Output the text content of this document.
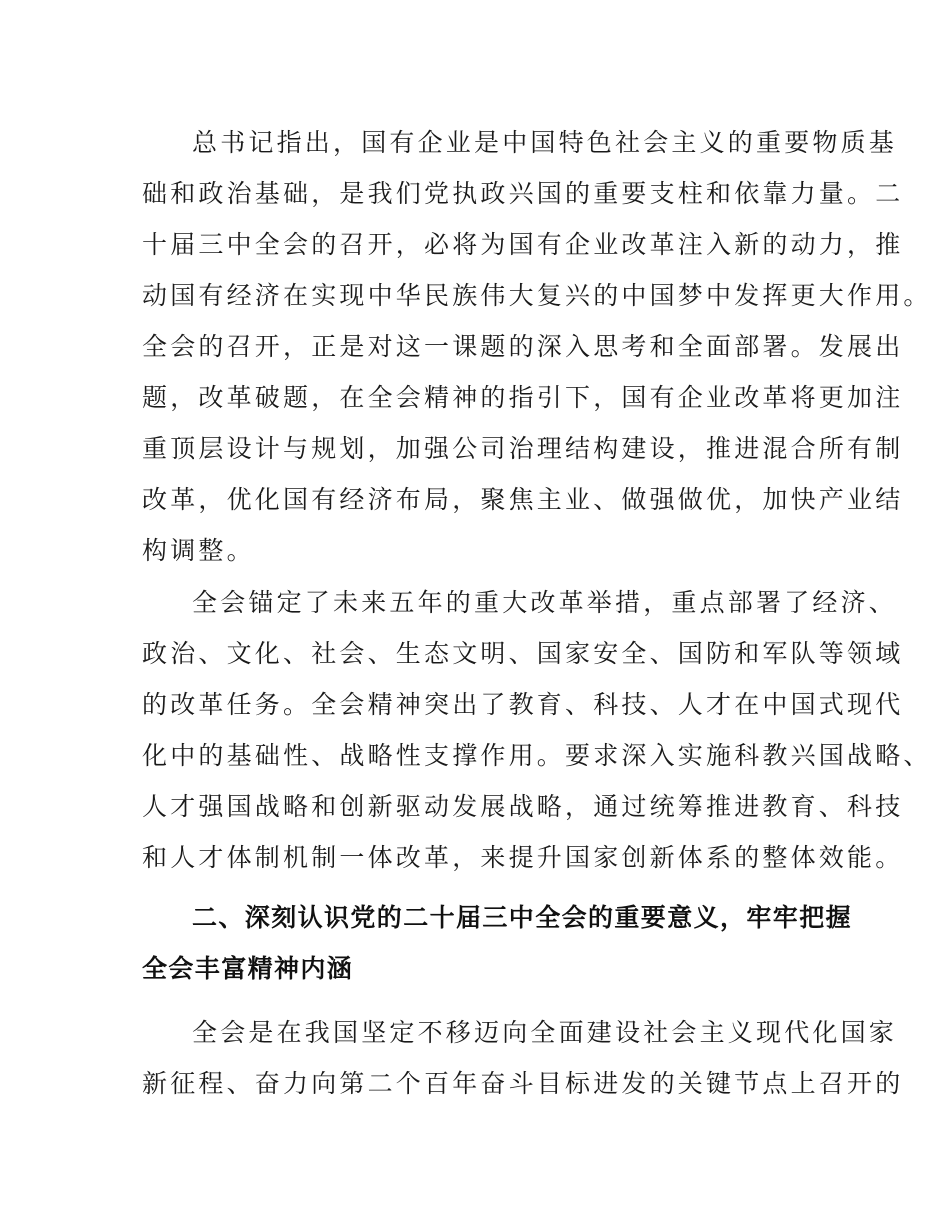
总书记指出，国有企业是中国特色社会主义的重要物质基
础和政治基础，是我们党执政兴国的重要支柱和依靠力量。二
十届三中全会的召开，必将为国有企业改革注入新的动力，推
动国有经济在实现中华民族伟大复兴的中国梦中发挥更大作用。
全会的召开，正是对这一课题的深入思考和全面部署。发展出
题，改革破题，在全会精神的指引下，国有企业改革将更加注
重顶层设计与规划，加强公司治理结构建设，推进混合所有制
改革，优化国有经济布局，聚焦主业、做强做优，加快产业结
构调整。
全会锚定了未来五年的重大改革举措，重点部署了经济、
政治、文化、社会、生态文明、国家安全、国防和军队等领域
的改革任务。全会精神突出了教育、科技、人才在中国式现代
化中的基础性、战略性支撑作用。要求深入实施科教兴国战略、
人才强国战略和创新驱动发展战略，通过统筹推进教育、科技
和人才体制机制一体改革，来提升国家创新体系的整体效能。
二、深刻认识党的二十届三中全会的重要意义，牢牢把握
全会丰富精神内涵
全会是在我国坚定不移迈向全面建设社会主义现代化国家
新征程、奋力向第二个百年奋斗目标进发的关键节点上召开的
